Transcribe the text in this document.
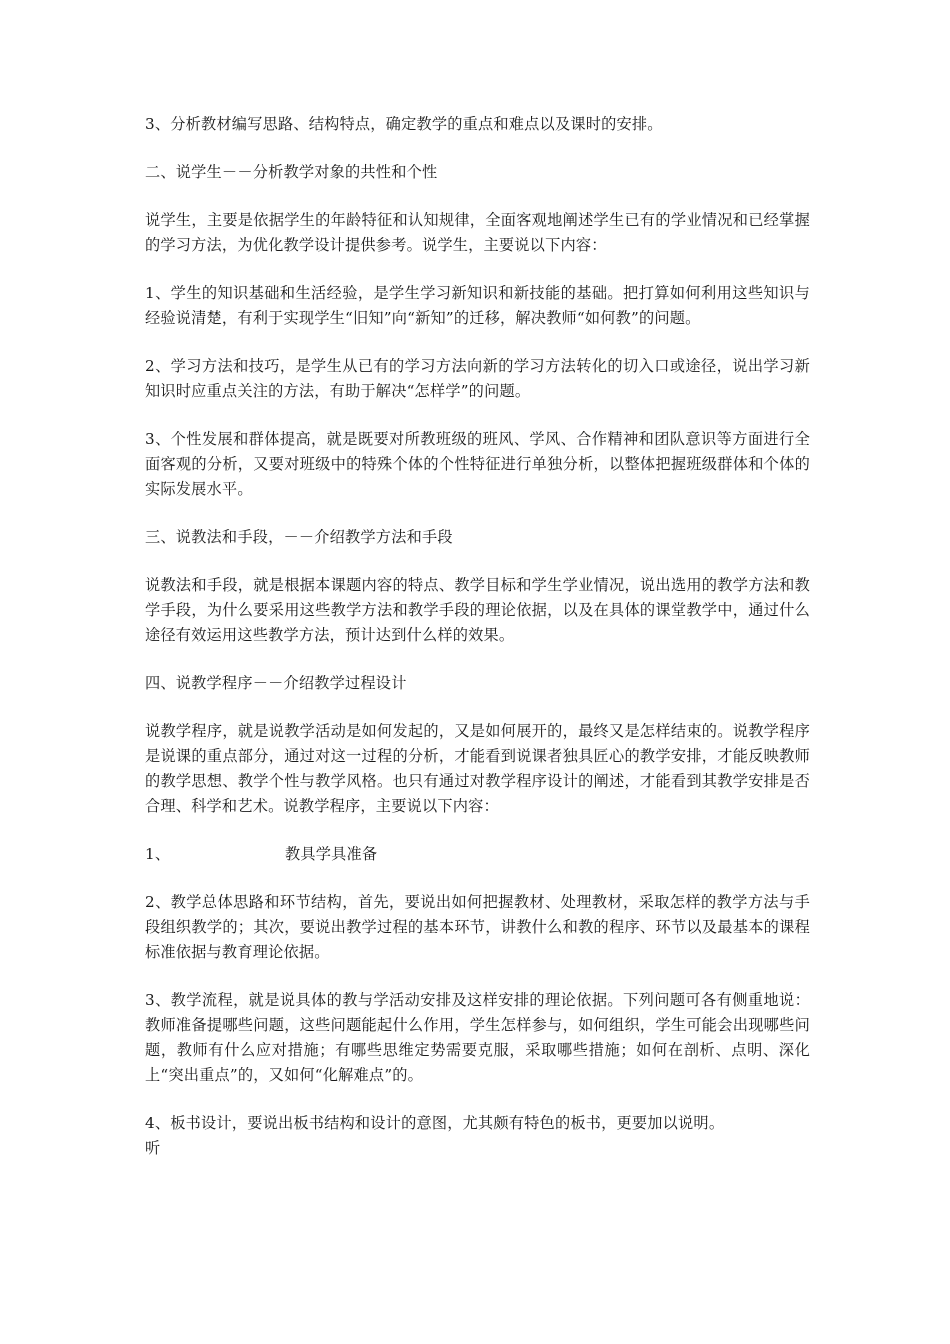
3、分析教材编写思路、结构特点，确定教学的重点和难点以及课时的安排。

二、说学生－－分析教学对象的共性和个性

说学生，主要是依据学生的年龄特征和认知规律，全面客观地阐述学生已有的学业情况和已经掌握的学习方法，为优化教学设计提供参考。说学生，主要说以下内容：

1、学生的知识基础和生活经验，是学生学习新知识和新技能的基础。把打算如何利用这些知识与经验说清楚，有利于实现学生“旧知”向“新知”的迁移，解决教师“如何教”的问题。

2、学习方法和技巧，是学生从已有的学习方法向新的学习方法转化的切入口或途径，说出学习新知识时应重点关注的方法，有助于解决“怎样学”的问题。

3、个性发展和群体提高，就是既要对所教班级的班风、学风、合作精神和团队意识等方面进行全面客观的分析，又要对班级中的特殊个体的个性特征进行单独分析，以整体把握班级群体和个体的实际发展水平。

三、说教法和手段，－－介绍教学方法和手段

说教法和手段，就是根据本课题内容的特点、教学目标和学生学业情况，说出选用的教学方法和教学手段，为什么要采用这些教学方法和教学手段的理论依据，以及在具体的课堂教学中，通过什么途径有效运用这些教学方法，预计达到什么样的效果。

四、说教学程序－－介绍教学过程设计

说教学程序，就是说教学活动是如何发起的，又是如何展开的，最终又是怎样结束的。说教学程序是说课的重点部分，通过对这一过程的分析，才能看到说课者独具匠心的教学安排，才能反映教师的教学思想、教学个性与教学风格。也只有通过对教学程序设计的阐述，才能看到其教学安排是否合理、科学和艺术。说教学程序，主要说以下内容：

1、	教具学具准备

2、教学总体思路和环节结构，首先，要说出如何把握教材、处理教材，采取怎样的教学方法与手段组织教学的；其次，要说出教学过程的基本环节，讲教什么和教的程序、环节以及最基本的课程标准依据与教育理论依据。

3、教学流程，就是说具体的教与学活动安排及这样安排的理论依据。下列问题可各有侧重地说：教师准备提哪些问题，这些问题能起什么作用，学生怎样参与，如何组织，学生可能会出现哪些问题，教师有什么应对措施；有哪些思维定势需要克服，采取哪些措施；如何在剖析、点明、深化上“突出重点”的，又如何“化解难点”的。

4、板书设计，要说出板书结构和设计的意图，尤其颇有特色的板书，更要加以说明。

听
